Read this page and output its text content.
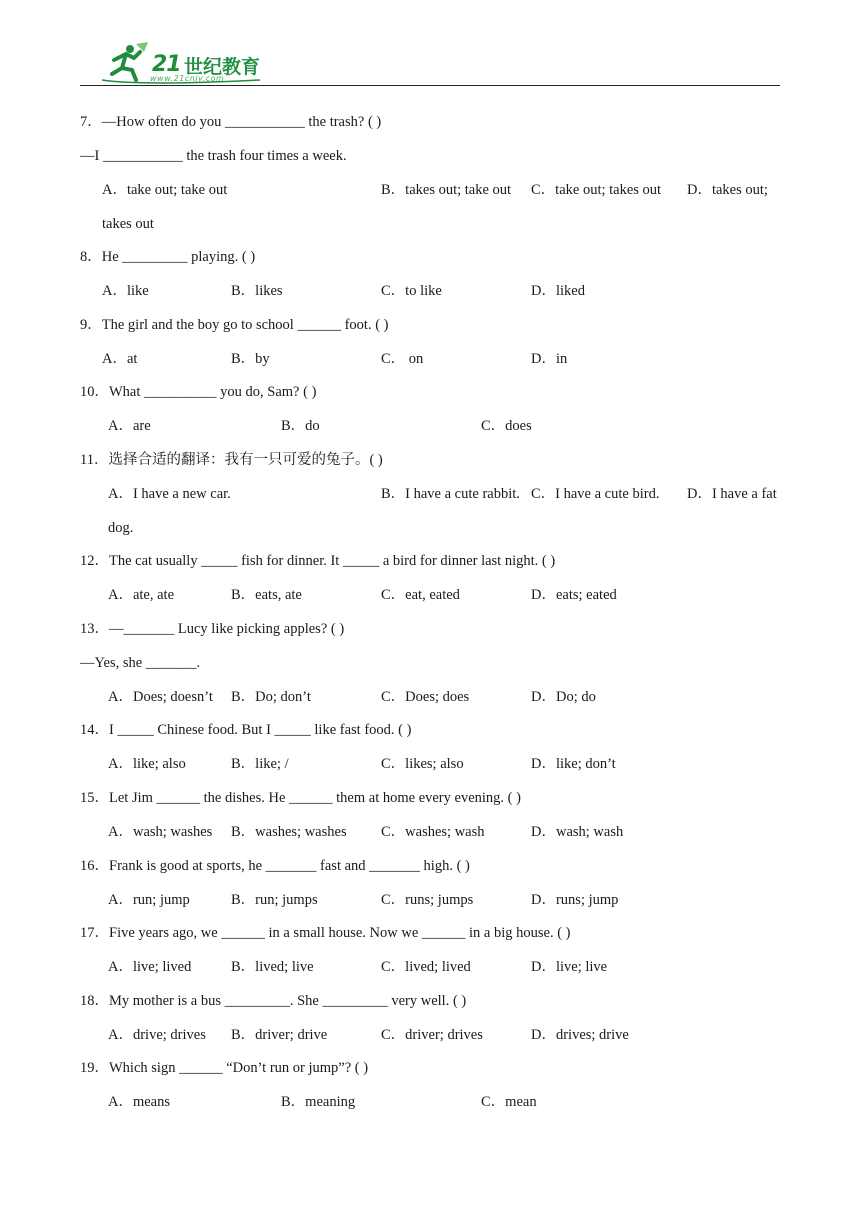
21 世纪教育
www.21cnjy.com
7．—How often do you ___________ the trash? ( )
—I ___________ the trash four times a week.
A．take out; take out	B．takes out; take out C．take out; takes out D．takes out;
takes out
8．He _________ playing. ( )
A．like	B．likes	C．to like	D．liked
9．The girl and the boy go to school ______ foot. ( )
A．at	B．by	C． on	D．in
10．What __________ you do, Sam? ( )
A．are	B．do	C．does
11．选择合适的翻译：我有一只可爱的兔子。( )
A．I have a new car.	B．I have a cute rabbit. C．I have a cute bird. D．I have a fat
dog.
12．The cat usually _____ fish for dinner. It _____ a bird for dinner last night. ( )
A．ate, ate	B．eats, ate	C．eat, eated	D．eats; eated
13．—_______ Lucy like picking apples? ( )
—Yes, she _______.
A．Does; doesn’t B．Do; don’t	C．Does; does	D．Do; do
14．I _____ Chinese food. But I _____ like fast food. ( )
A．like; also	B．like; /	C．likes; also	D．like; don’t
15．Let Jim ______ the dishes. He ______ them at home every evening. ( )
A．wash; washes B．washes; washes C．washes; wash	D．wash; wash
16．Frank is good at sports, he _______ fast and _______ high. ( )
A．run; jump	B．run; jumps	C．runs; jumps	D．runs; jump
17．Five years ago, we ______ in a small house. Now we ______ in a big house. ( )
A．live; lived	B．lived; live	C．lived; lived	D．live; live
18．My mother is a bus _________. She _________ very well. ( )
A．drive; drives B．driver; drive	C．driver; drives	D．drives; drive
19．Which sign ______ “Don’t run or jump”? ( )
A．means	B．meaning	C．mean
